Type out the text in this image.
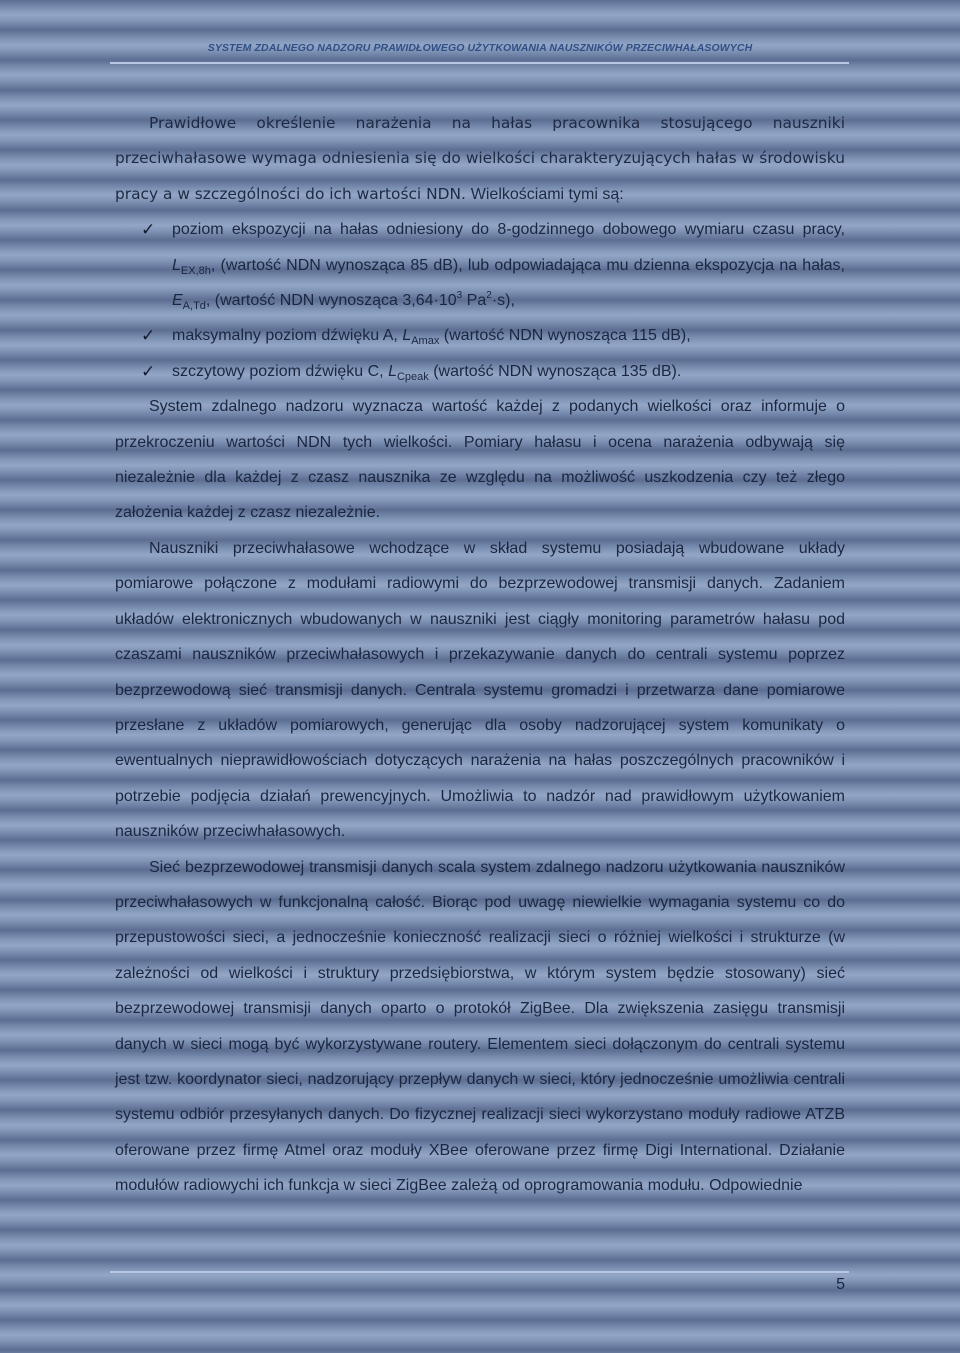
SYSTEM ZDALNEGO NADZORU PRAWIDŁOWEGO UŻYTKOWANIA NAUSZNIKÓW PRZECIWHAŁASOWYCH

Prawidłowe określenie narażenia na hałas pracownika stosującego nauszniki przeciwhałasowe wymaga odniesienia się do wielkości charakteryzujących hałas w środowisku pracy a w szczególności do ich wartości NDN. Wielkościami tymi są:

✓ poziom ekspozycji na hałas odniesiony do 8-godzinnego dobowego wymiaru czasu pracy, $L_{EX,8h}$, (wartość NDN wynosząca 85 dB), lub odpowiadająca mu dzienna ekspozycja na hałas, $E_{A,Td}$, (wartość NDN wynosząca $3,64\cdot 10^3$ $Pa^2\cdot s$),
✓ maksymalny poziom dźwięku A, $L_{Amax}$ (wartość NDN wynosząca 115 dB),
✓ szczytowy poziom dźwięku C, $L_{Cpeak}$ (wartość NDN wynosząca 135 dB).

System zdalnego nadzoru wyznacza wartość każdej z podanych wielkości oraz informuje o przekroczeniu wartości NDN tych wielkości. Pomiary hałasu i ocena narażenia odbywają się niezależnie dla każdej z czasz nausznika ze względu na możliwość uszkodzenia czy też złego założenia każdej z czasz niezależnie.

Nauszniki przeciwhałasowe wchodzące w skład systemu posiadają wbudowane układy pomiarowe połączone z modułami radiowymi do bezprzewodowej transmisji danych. Zadaniem układów elektronicznych wbudowanych w nauszniki jest ciągły monitoring parametrów hałasu pod czaszami nauszników przeciwhałasowych i przekazywanie danych do centrali systemu poprzez bezprzewodową sieć transmisji danych. Centrala systemu gromadzi i przetwarza dane pomiarowe przesłane z układów pomiarowych, generując dla osoby nadzorującej system komunikaty o ewentualnych nieprawidłowościach dotyczących narażenia na hałas poszczególnych pracowników i potrzebie podjęcia działań prewencyjnych. Umożliwia to nadzór nad prawidłowym użytkowaniem nauszników przeciwhałasowych.

Sieć bezprzewodowej transmisji danych scala system zdalnego nadzoru użytkowania nauszników przeciwhałasowych w funkcjonalną całość. Biorąc pod uwagę niewielkie wymagania systemu co do przepustowości sieci, a jednocześnie konieczność realizacji sieci o różniej wielkości i strukturze (w zależności od wielkości i struktury przedsiębiorstwa, w którym system będzie stosowany) sieć bezprzewodowej transmisji danych oparto o protokół ZigBee. Dla zwiększenia zasięgu transmisji danych w sieci mogą być wykorzystywane routery. Elementem sieci dołączonym do centrali systemu jest tzw. koordynator sieci, nadzorujący przepływ danych w sieci, który jednocześnie umożliwia centrali systemu odbiór przesyłanych danych. Do fizycznej realizacji sieci wykorzystano moduły radiowe ATZB oferowane przez firmę Atmel oraz moduły XBee oferowane przez firmę Digi International. Działanie modułów radiowychi ich funkcja w sieci ZigBee zależą od oprogramowania modułu. Odpowiednie

5
